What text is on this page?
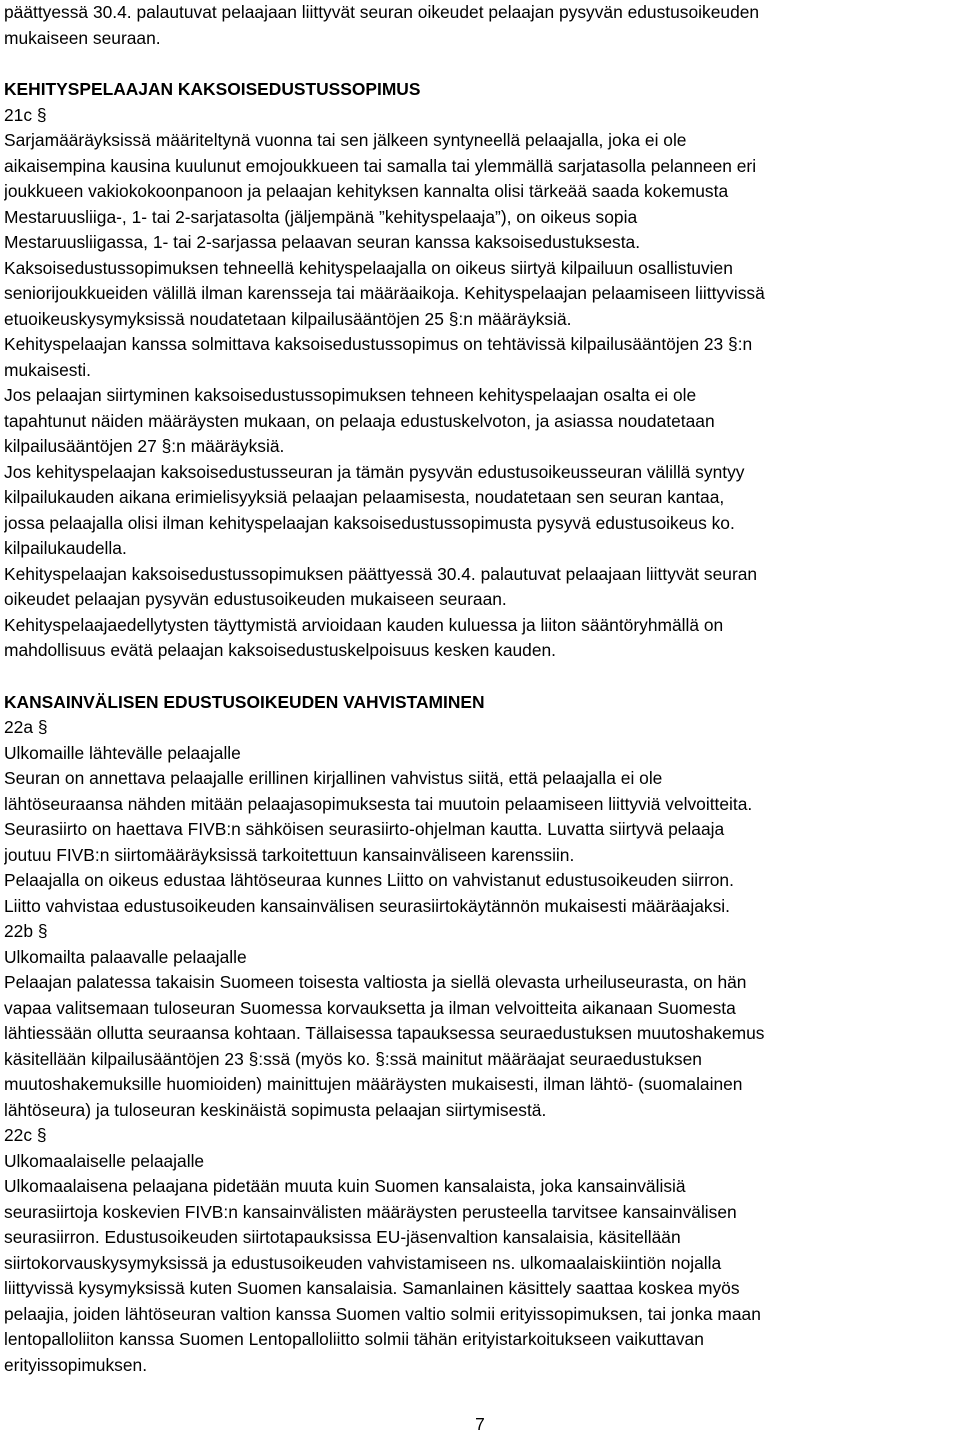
päättyessä 30.4. palautuvat pelaajaan liittyvät seuran oikeudet pelaajan pysyvän edustusoikeuden

mukaiseen seuraan.

KEHITYSPELAAJAN KAKSOISEDUSTUSSOPIMUS

21c §

Sarjamääräyksissä määriteltynä vuonna tai sen jälkeen syntyneellä pelaajalla, joka ei ole

aikaisempina kausina kuulunut emojoukkueen tai samalla tai ylemmällä sarjatasolla pelanneen eri

joukkueen vakiokokoonpanoon ja pelaajan kehityksen kannalta olisi tärkeää saada kokemusta

Mestaruusliiga-, 1- tai 2-sarjatasolta (jäljempänä ”kehityspelaaja”), on oikeus sopia

Mestaruusliigassa, 1- tai 2-sarjassa pelaavan seuran kanssa kaksoisedustuksesta.

Kaksoisedustussopimuksen tehneellä kehityspelaajalla on oikeus siirtyä kilpailuun osallistuvien

seniorijoukkueiden välillä ilman karensseja tai määräaikoja. Kehityspelaajan pelaamiseen liittyvissä

etuoikeuskysymyksissä noudatetaan kilpailusääntöjen 25 §:n määräyksiä.

Kehityspelaajan kanssa solmittava kaksoisedustussopimus on tehtävissä kilpailusääntöjen 23 §:n

mukaisesti.

Jos pelaajan siirtyminen kaksoisedustussopimuksen tehneen kehityspelaajan osalta ei ole

tapahtunut näiden määräysten mukaan, on pelaaja edustuskelvoton, ja asiassa noudatetaan

kilpailusääntöjen 27 §:n määräyksiä.

Jos kehityspelaajan kaksoisedustusseuran ja tämän pysyvän edustusoikeusseuran välillä syntyy

kilpailukauden aikana erimielisyyksiä pelaajan pelaamisesta, noudatetaan sen seuran kantaa,

jossa pelaajalla olisi ilman kehityspelaajan kaksoisedustussopimusta pysyvä edustusoikeus ko.

kilpailukaudella.

Kehityspelaajan kaksoisedustussopimuksen päättyessä 30.4. palautuvat pelaajaan liittyvät seuran

oikeudet pelaajan pysyvän edustusoikeuden mukaiseen seuraan.

Kehityspelaajaedellytysten täyttymistä arvioidaan kauden kuluessa ja liiton sääntöryhmällä on

mahdollisuus evätä pelaajan kaksoisedustuskelpoisuus kesken kauden.

KANSAINVÄLISEN EDUSTUSOIKEUDEN VAHVISTAMINEN

22a §

Ulkomaille lähtevälle pelaajalle

Seuran on annettava pelaajalle erillinen kirjallinen vahvistus siitä, että pelaajalla ei ole

lähtöseuraansa nähden mitään pelaajasopimuksesta tai muutoin pelaamiseen liittyviä velvoitteita.

Seurasiirto on haettava FIVB:n sähköisen seurasiirto-ohjelman kautta. Luvatta siirtyvä pelaaja

joutuu FIVB:n siirtomääräyksissä tarkoitettuun kansainväliseen karenssiin.

Pelaajalla on oikeus edustaa lähtöseuraa kunnes Liitto on vahvistanut edustusoikeuden siirron.

Liitto vahvistaa edustusoikeuden kansainvälisen seurasiirtokäytännön mukaisesti määräajaksi.

22b §

Ulkomailta palaavalle pelaajalle

Pelaajan palatessa takaisin Suomeen toisesta valtiosta ja siellä olevasta urheiluseurasta, on hän

vapaa valitsemaan tuloseuran Suomessa korvauksetta ja ilman velvoitteita aikanaan Suomesta

lähtiessään ollutta seuraansa kohtaan. Tällaisessa tapauksessa seuraedustuksen muutoshakemus

käsitellään kilpailusääntöjen 23 §:ssä (myös ko. §:ssä mainitut määräajat seuraedustuksen

muutoshakemuksille huomioiden) mainittujen määräysten mukaisesti, ilman lähtö- (suomalainen

lähtöseura) ja tuloseuran keskinäistä sopimusta pelaajan siirtymisestä.

22c §

Ulkomaalaiselle pelaajalle

Ulkomaalaisena pelaajana pidetään muuta kuin Suomen kansalaista, joka kansainvälisiä

seurasiirtoja koskevien FIVB:n kansainvälisten määräysten perusteella tarvitsee kansainvälisen

seurasiirron. Edustusoikeuden siirtotapauksissa EU-jäsenvaltion kansalaisia, käsitellään

siirtokorvauskysymyksissä ja edustusoikeuden vahvistamiseen ns. ulkomaalaiskiintiön nojalla

liittyvissä kysymyksissä kuten Suomen kansalaisia. Samanlainen käsittely saattaa koskea myös

pelaajia, joiden lähtöseuran valtion kanssa Suomen valtio solmii erityissopimuksen, tai jonka maan

lentopalloliiton kanssa Suomen Lentopalloliitto solmii tähän erityistarkoitukseen vaikuttavan

erityissopimuksen.

7
